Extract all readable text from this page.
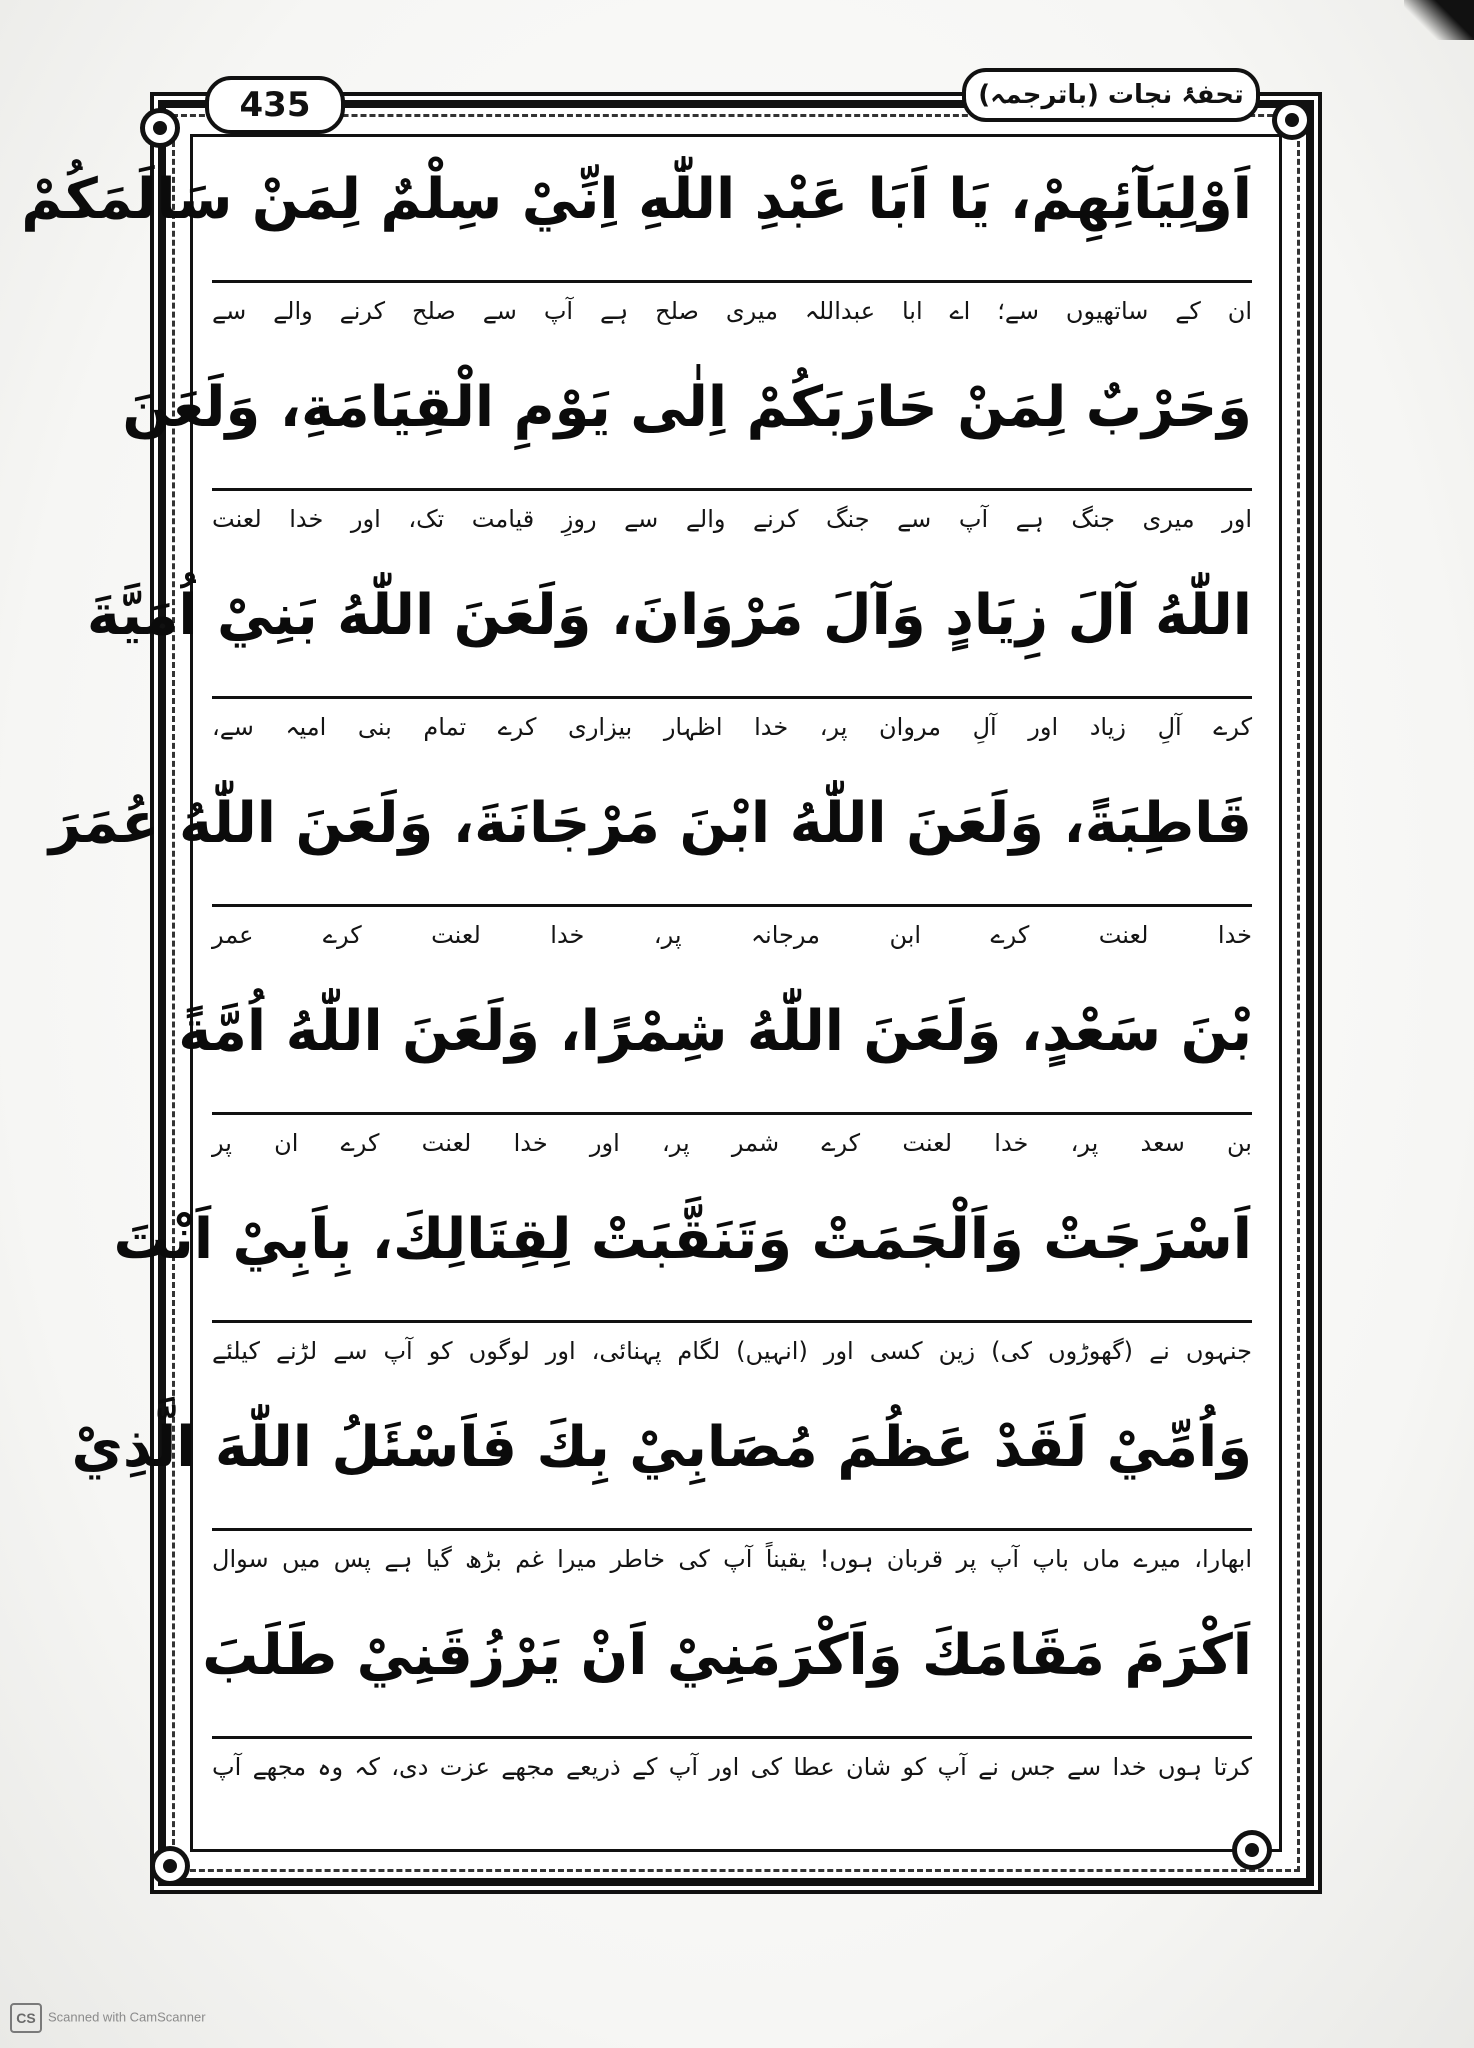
435	تحفۂ نجات (باترجمہ)
اَوْلِيَآئِهِمْ، يَا اَبَا عَبْدِ اللّٰهِ اِنِّيْ سِلْمٌ لِمَنْ سَالَمَكُمْ
ان کے ساتھیوں سے؛ اے ابا عبداللہ میری صلح ہے آپ سے صلح کرنے والے سے
وَحَرْبٌ لِمَنْ حَارَبَكُمْ اِلٰى يَوْمِ الْقِيَامَةِ، وَلَعَنَ
اور میری جنگ ہے آپ سے جنگ کرنے والے سے روزِ قیامت تک، اور خدا لعنت
اللّٰهُ آلَ زِيَادٍ وَآلَ مَرْوَانَ، وَلَعَنَ اللّٰهُ بَنِيْ اُمَيَّةَ
کرے آلِ زیاد اور آلِ مروان پر، خدا اظہار بیزاری کرے تمام بنی امیہ سے،
قَاطِبَةً، وَلَعَنَ اللّٰهُ ابْنَ مَرْجَانَةَ، وَلَعَنَ اللّٰهُ عُمَرَ
خدا لعنت کرے ابن مرجانہ پر، خدا لعنت کرے عمر
بْنَ سَعْدٍ، وَلَعَنَ اللّٰهُ شِمْرًا، وَلَعَنَ اللّٰهُ اُمَّةً
بن سعد پر، خدا لعنت کرے شمر پر، اور خدا لعنت کرے ان پر
اَسْرَجَتْ وَاَلْجَمَتْ وَتَنَقَّبَتْ لِقِتَالِكَ، بِاَبِيْ اَنْتَ
جنہوں نے (گھوڑوں کی) زین کسی اور (انہیں) لگام پہنائی، اور لوگوں کو آپ سے لڑنے کیلئے
وَاُمِّيْ لَقَدْ عَظُمَ مُصَابِيْ بِكَ فَاَسْئَلُ اللّٰهَ الَّذِيْ
ابھارا، میرے ماں باپ آپ پر قربان ہوں! یقیناً آپ کی خاطر میرا غم بڑھ گیا ہے پس میں سوال
اَكْرَمَ مَقَامَكَ وَاَكْرَمَنِيْ اَنْ يَرْزُقَنِيْ طَلَبَ
کرتا ہوں خدا سے جس نے آپ کو شان عطا کی اور آپ کے ذریعے مجھے عزت دی، کہ وہ مجھے آپ
CS Scanned with CamScanner
